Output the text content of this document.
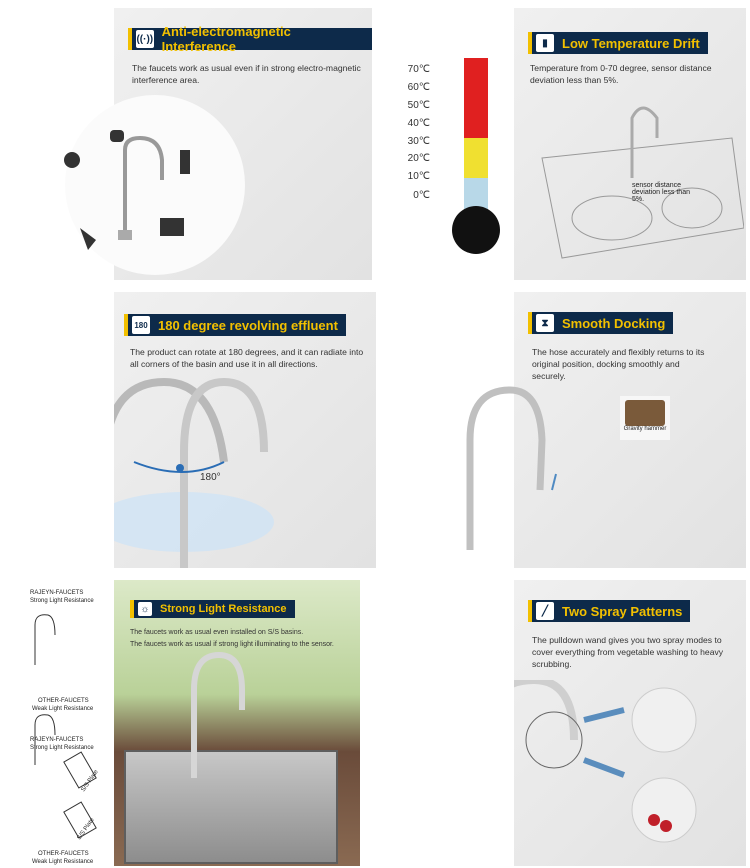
((·)) Anti-electromagnetic Interference
The faucets work as usual even if in strong electro-magnetic interference area.
▮	Low Temperature Drift
Temperature from 0-70 degree, sensor distance deviation less than 5%.
sensor distance deviation less than 5%.
70℃
60℃
50℃
40℃
30℃
20℃
10℃
0℃
180 180 degree revolving effluent
The product can rotate at 180 degrees, and it can radiate into all corners of the basin and use it in all directions.
180°
⧗	Smooth Docking
The hose accurately and flexibly returns to its original position, docking smoothly and securely.
Gravity hammer
RAJEYN-FAUCETS
Strong Light Resistance
OTHER-FAUCETS
Weak Light Resistance
RAJEYN-FAUCETS
Strong Light Resistance
OTHER-FAUCETS
Weak Light Resistance
S/S Plate
S/S Plate
☼ Strong Light Resistance
The faucets work as usual even installed on S/S basins.
The faucets work as usual if strong light illuminating to the sensor.
╱	Two Spray Patterns
The pulldown wand gives you two spray modes to cover everything from vegetable washing to heavy scrubbing.
